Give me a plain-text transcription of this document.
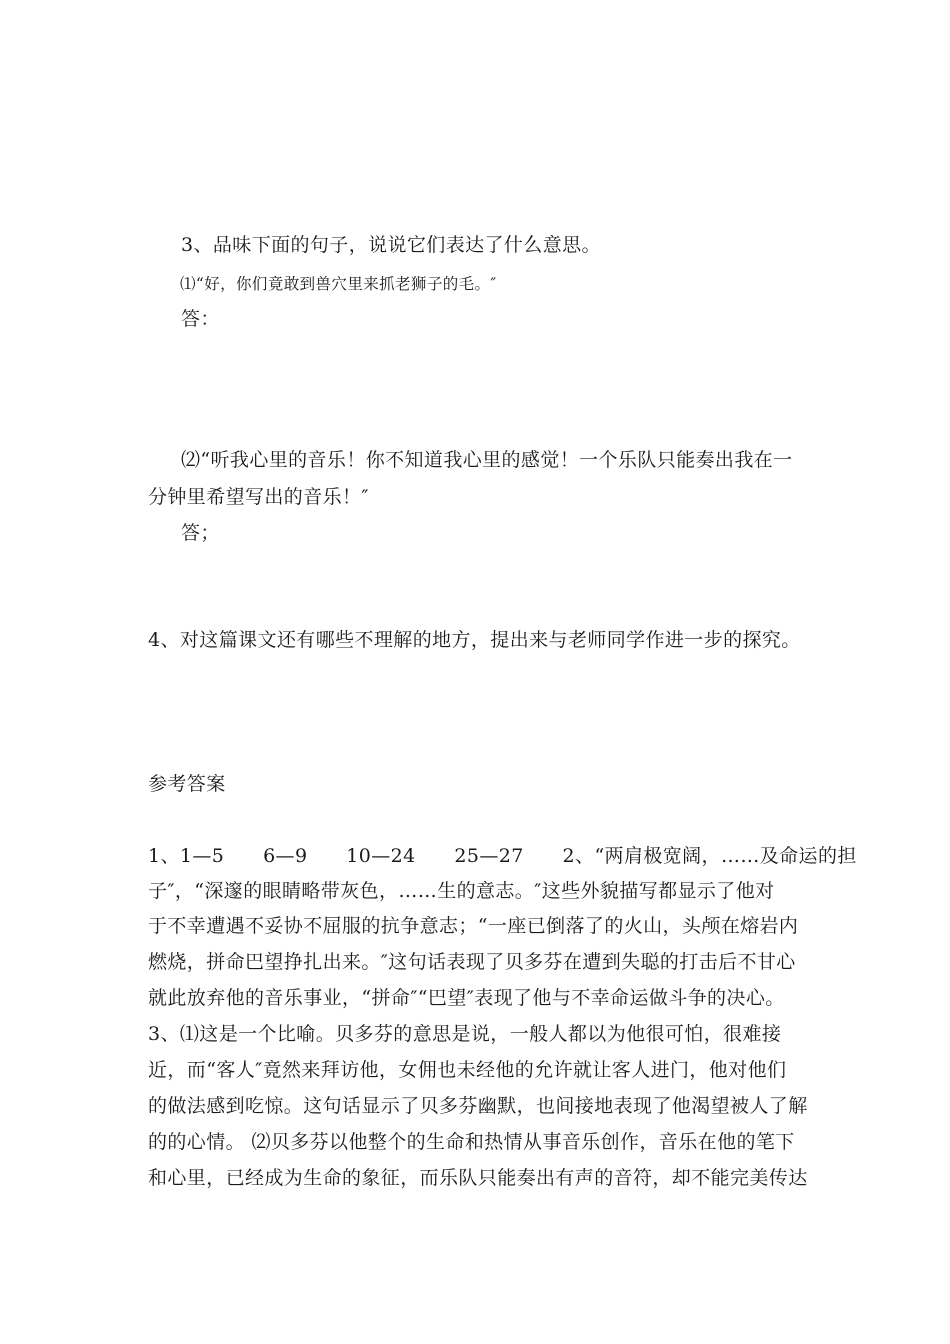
3、品味下面的句子，说说它们表达了什么意思。
⑴“好，你们竟敢到兽穴里来抓老狮子的毛。″
答：
⑵“听我心里的音乐！你不知道我心里的感觉！一个乐队只能奏出我在一
分钟里希望写出的音乐！″
答；
4、对这篇课文还有哪些不理解的地方，提出来与老师同学作进一步的探究。
参考答案
1、1—5　　6—9　　10—24　　25—27　　2、“两肩极宽阔，……及命运的担
子″，“深邃的眼睛略带灰色，……生的意志。″这些外貌描写都显示了他对
于不幸遭遇不妥协不屈服的抗争意志；“一座已倒落了的火山，头颅在熔岩内
燃烧，拼命巴望挣扎出来。″这句话表现了贝多芬在遭到失聪的打击后不甘心
就此放弃他的音乐事业，“拼命″“巴望″表现了他与不幸命运做斗争的决心。
3、⑴这是一个比喻。贝多芬的意思是说，一般人都以为他很可怕，很难接
近，而“客人″竟然来拜访他，女佣也未经他的允许就让客人进门，他对他们
的做法感到吃惊。这句话显示了贝多芬幽默，也间接地表现了他渴望被人了解
的的心情。 ⑵贝多芬以他整个的生命和热情从事音乐创作，音乐在他的笔下
和心里，已经成为生命的象征，而乐队只能奏出有声的音符，却不能完美传达
